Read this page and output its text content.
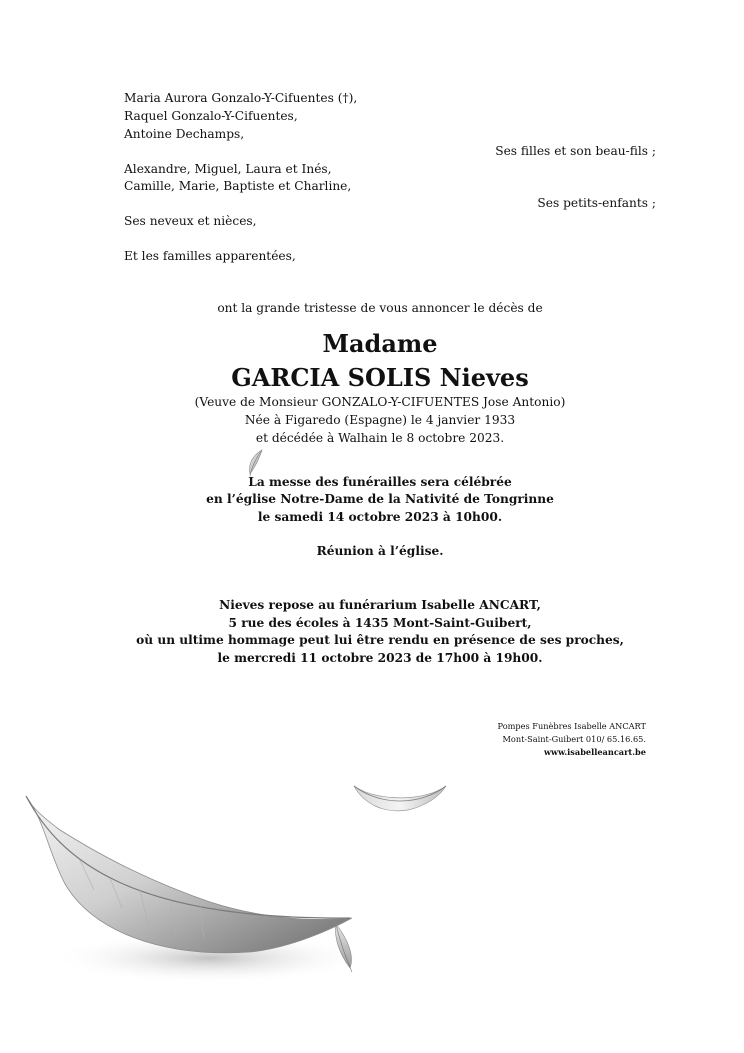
Maria Aurora Gonzalo-Y-Cifuentes (†),
Raquel Gonzalo-Y-Cifuentes,
Antoine Dechamps,
Ses filles et son beau-fils ;
Alexandre, Miguel, Laura et Inés,
Camille, Marie, Baptiste et Charline,
Ses petits-enfants ;
Ses neveux et nièces,
Et les familles apparentées,
ont la grande tristesse de vous annoncer le décès de
Madame
GARCIA SOLIS Nieves
(Veuve de Monsieur GONZALO-Y-CIFUENTES Jose Antonio)
Née à Figaredo (Espagne) le 4 janvier 1933
et décédée à Walhain le 8 octobre 2023.
La messe des funérailles sera célébrée
en l’église Notre-Dame de la Nativité de Tongrinne
le samedi 14 octobre 2023 à 10h00.
Réunion à l’église.
Nieves repose au funérarium Isabelle ANCART,
5 rue des écoles à 1435 Mont-Saint-Guibert,
où un ultime hommage peut lui être rendu en présence de ses proches,
le mercredi 11 octobre 2023 de 17h00 à 19h00.
Pompes Funèbres Isabelle ANCART
Mont-Saint-Guibert 010/ 65.16.65.
www.isabelleancart.be
